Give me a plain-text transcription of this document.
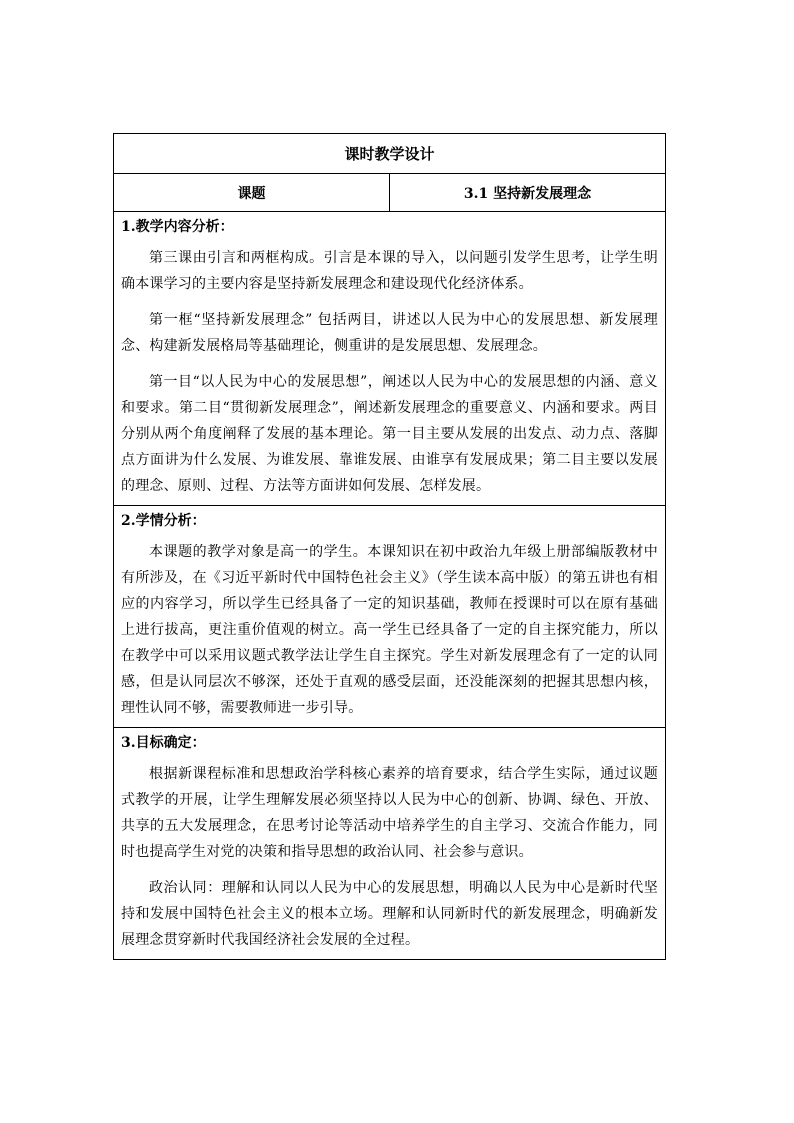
课时教学设计
课题	3.1 坚持新发展理念

1.教学内容分析：

第三课由引言和两框构成。引言是本课的导入，以问题引发学生思考，让学生明确本课学习的主要内容是坚持新发展理念和建设现代化经济体系。

第一框“坚持新发展理念” 包括两目，讲述以人民为中心的发展思想、新发展理念、构建新发展格局等基础理论，侧重讲的是发展思想、发展理念。

第一目“以人民为中心的发展思想”，阐述以人民为中心的发展思想的内涵、意义和要求。第二目“贯彻新发展理念”，阐述新发展理念的重要意义、内涵和要求。两目分别从两个角度阐释了发展的基本理论。第一目主要从发展的出发点、动力点、落脚点方面讲为什么发展、为谁发展、靠谁发展、由谁享有发展成果；第二目主要以发展的理念、原则、过程、方法等方面讲如何发展、怎样发展。

2.学情分析：

本课题的教学对象是高一的学生。本课知识在初中政治九年级上册部编版教材中有所涉及，在《习近平新时代中国特色社会主义》（学生读本高中版）的第五讲也有相应的内容学习，所以学生已经具备了一定的知识基础，教师在授课时可以在原有基础上进行拔高，更注重价值观的树立。高一学生已经具备了一定的自主探究能力，所以在教学中可以采用议题式教学法让学生自主探究。学生对新发展理念有了一定的认同感，但是认同层次不够深，还处于直观的感受层面，还没能深刻的把握其思想内核，理性认同不够，需要教师进一步引导。

3.目标确定：

根据新课程标准和思想政治学科核心素养的培育要求，结合学生实际，通过议题式教学的开展，让学生理解发展必须坚持以人民为中心的创新、协调、绿色、开放、共享的五大发展理念，在思考讨论等活动中培养学生的自主学习、交流合作能力，同时也提高学生对党的决策和指导思想的政治认同、社会参与意识。

政治认同：理解和认同以人民为中心的发展思想，明确以人民为中心是新时代坚持和发展中国特色社会主义的根本立场。理解和认同新时代的新发展理念，明确新发展理念贯穿新时代我国经济社会发展的全过程。
